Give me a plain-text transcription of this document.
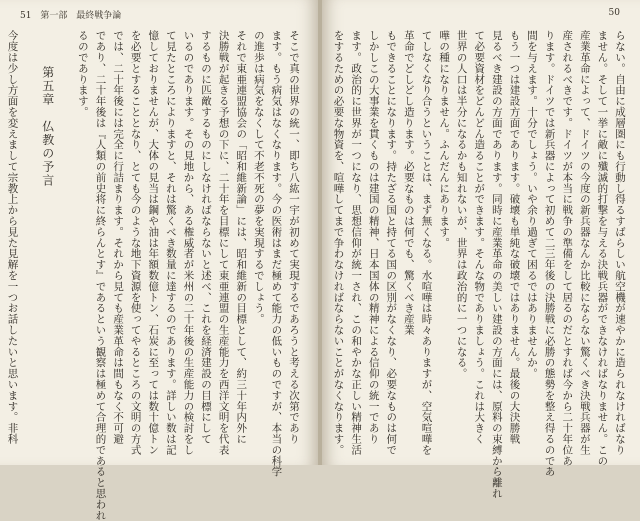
51 第一部 最終戦争論
そこで真の世界の統一、即ち八紘一宇が初めて実現するであろうと考える次第であり
ます。もう病気はなくなります。今の医術はまだ極めて能力の低いものですが、本当の科学
の進歩は病気をなくして不老不死の夢を実現するでしょう。
それで東亜連盟協会の「昭和維新論」には、昭和維新の目標として、約三十年内外に
決勝戦が起きる予想の下に、二十年を目標にして東亜連盟の生産能力を西洋文明を代表
するものに匹敵するものにしなければならないと述べ、これを経済建設の目標にして
いるのであります。その見地から、ある権威者が米州の二十年後の生産能力の検討をし
て見たところによりますと、それは驚くべき数量に達するのであります。詳しい数は記
憶しておりませんが、大体の見当は鋼や油は年額数億トン、石炭に至っては数十億トン
を必要とすることとなり、とても今のような地下資源を使ってやるところの文明の方式
では、二十年後には完全に行詰まります。それから見ても産業革命は間もなく不可避
であり、二十年後は『人類の前史将に終らんとす』であるという観察は極めて合理的であると思われ
るのであります。
第五章　仏教の予言
今度は少し方面を変えまして宗教上から見た見解を一つお話したいと思います。非科
50
らない。自由に成層圏にも行動し得るすばらしい航空機が速やかに造られなければなり
ません。そして一挙に敵に殲滅的打撃を与える決戦兵器ができなければなりません。この
産業革命によって、ドイツの今度の新兵器なんか比較にならない驚くべき決戦兵器が生
産されるべきです。ドイツが本当に戦争の準備をして居るのだとすれば今から二十年位あ
ります。ドイツでは新兵器によって初めて二三年後の決勝戦に必勝の態勢を整え得るのであ
間を与えます。十分でしょう。いや余り過ぎて困るではありませんか。
もう一つは建設方面であります。破壊も単純な破壊ではありません。最後の大決勝戦
見るべき建設の方面であります。同時に産業革命の美しい建設の方面には、原料の束縛から離れ
て必要資材をどんどん造ることができます。そんな物でありましょう。これは大きく
世界の人口は半分になるかも知れないが、世界は政治的に一つになる。
嘩の種になりません。ふんだんにあります。
てしなくなり合うということは、まず無くなる。水喧嘩は時々ありますが、空気喧嘩を
革命でどしどし造ります。必要なものは何でも、驚くべき産業
もできることになります。持たざる国と持てる国の区別がなくなり、必要なものは何で
しかしこの大事業を貫くものは建国の精神、日本国体の精神による信仰の統一であり
ます。政治的に世界が一つになり、思想信仰が統一され、この和やかな正しい精神生活
をするための必要な物資を、喧嘩してまで争わなければならないことがなくなります。
